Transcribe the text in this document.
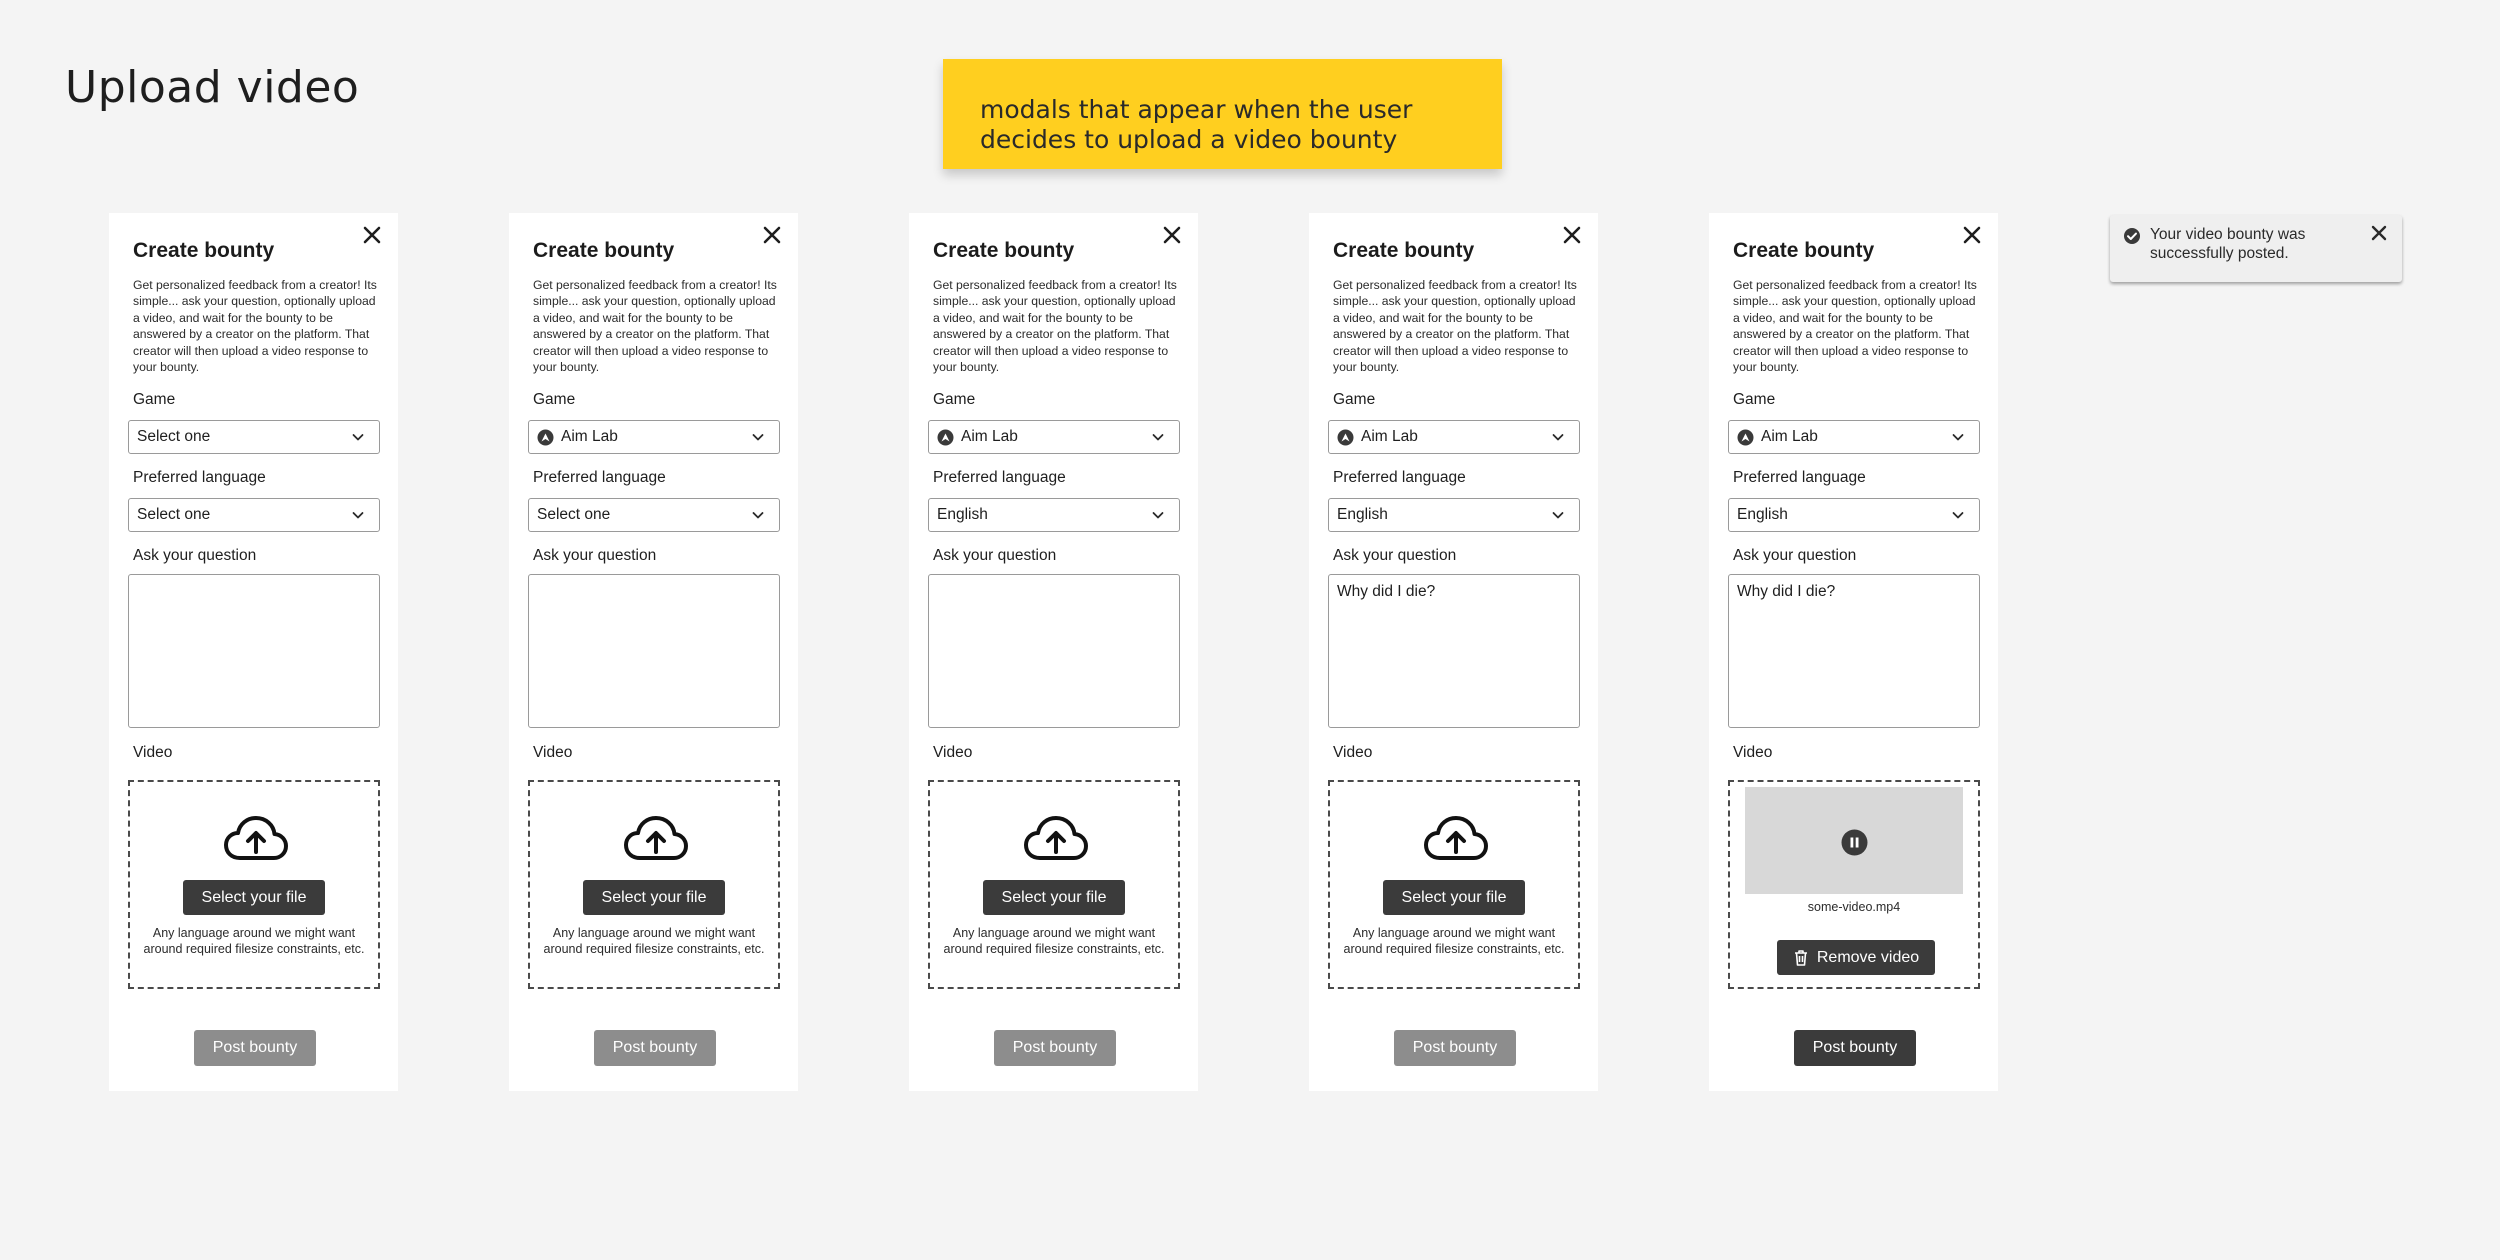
Upload video	modals that appear when the user decides to upload a video bounty
Create bounty
Get personalized feedback from a creator! Its simple... ask your question, optionally upload a video, and wait for the bounty to be answered by a creator on the platform. That creator will then upload a video response to your bounty.
Game
Select one
Preferred language
Select one
Ask your question
Video
Select your file
Any language around we might want around required filesize constraints, etc.
Post bounty
Create bounty
Get personalized feedback from a creator! Its simple... ask your question, optionally upload a video, and wait for the bounty to be answered by a creator on the platform. That creator will then upload a video response to your bounty.
Game
Aim Lab
Preferred language
Select one
Ask your question
Video
Select your file
Any language around we might want around required filesize constraints, etc.
Post bounty
Create bounty
Get personalized feedback from a creator! Its simple... ask your question, optionally upload a video, and wait for the bounty to be answered by a creator on the platform. That creator will then upload a video response to your bounty.
Game
Aim Lab
Preferred language
English
Ask your question
Video
Select your file
Any language around we might want around required filesize constraints, etc.
Post bounty
Create bounty
Get personalized feedback from a creator! Its simple... ask your question, optionally upload a video, and wait for the bounty to be answered by a creator on the platform. That creator will then upload a video response to your bounty.
Game
Aim Lab
Preferred language
English
Ask your question
Why did I die?
Video
Select your file
Any language around we might want around required filesize constraints, etc.
Post bounty
Create bounty
Get personalized feedback from a creator! Its simple... ask your question, optionally upload a video, and wait for the bounty to be answered by a creator on the platform. That creator will then upload a video response to your bounty.
Game
Aim Lab
Preferred language
English
Ask your question
Why did I die?
Video
some-video.mp4
Remove video
Post bounty
Your video bounty was successfully posted.
